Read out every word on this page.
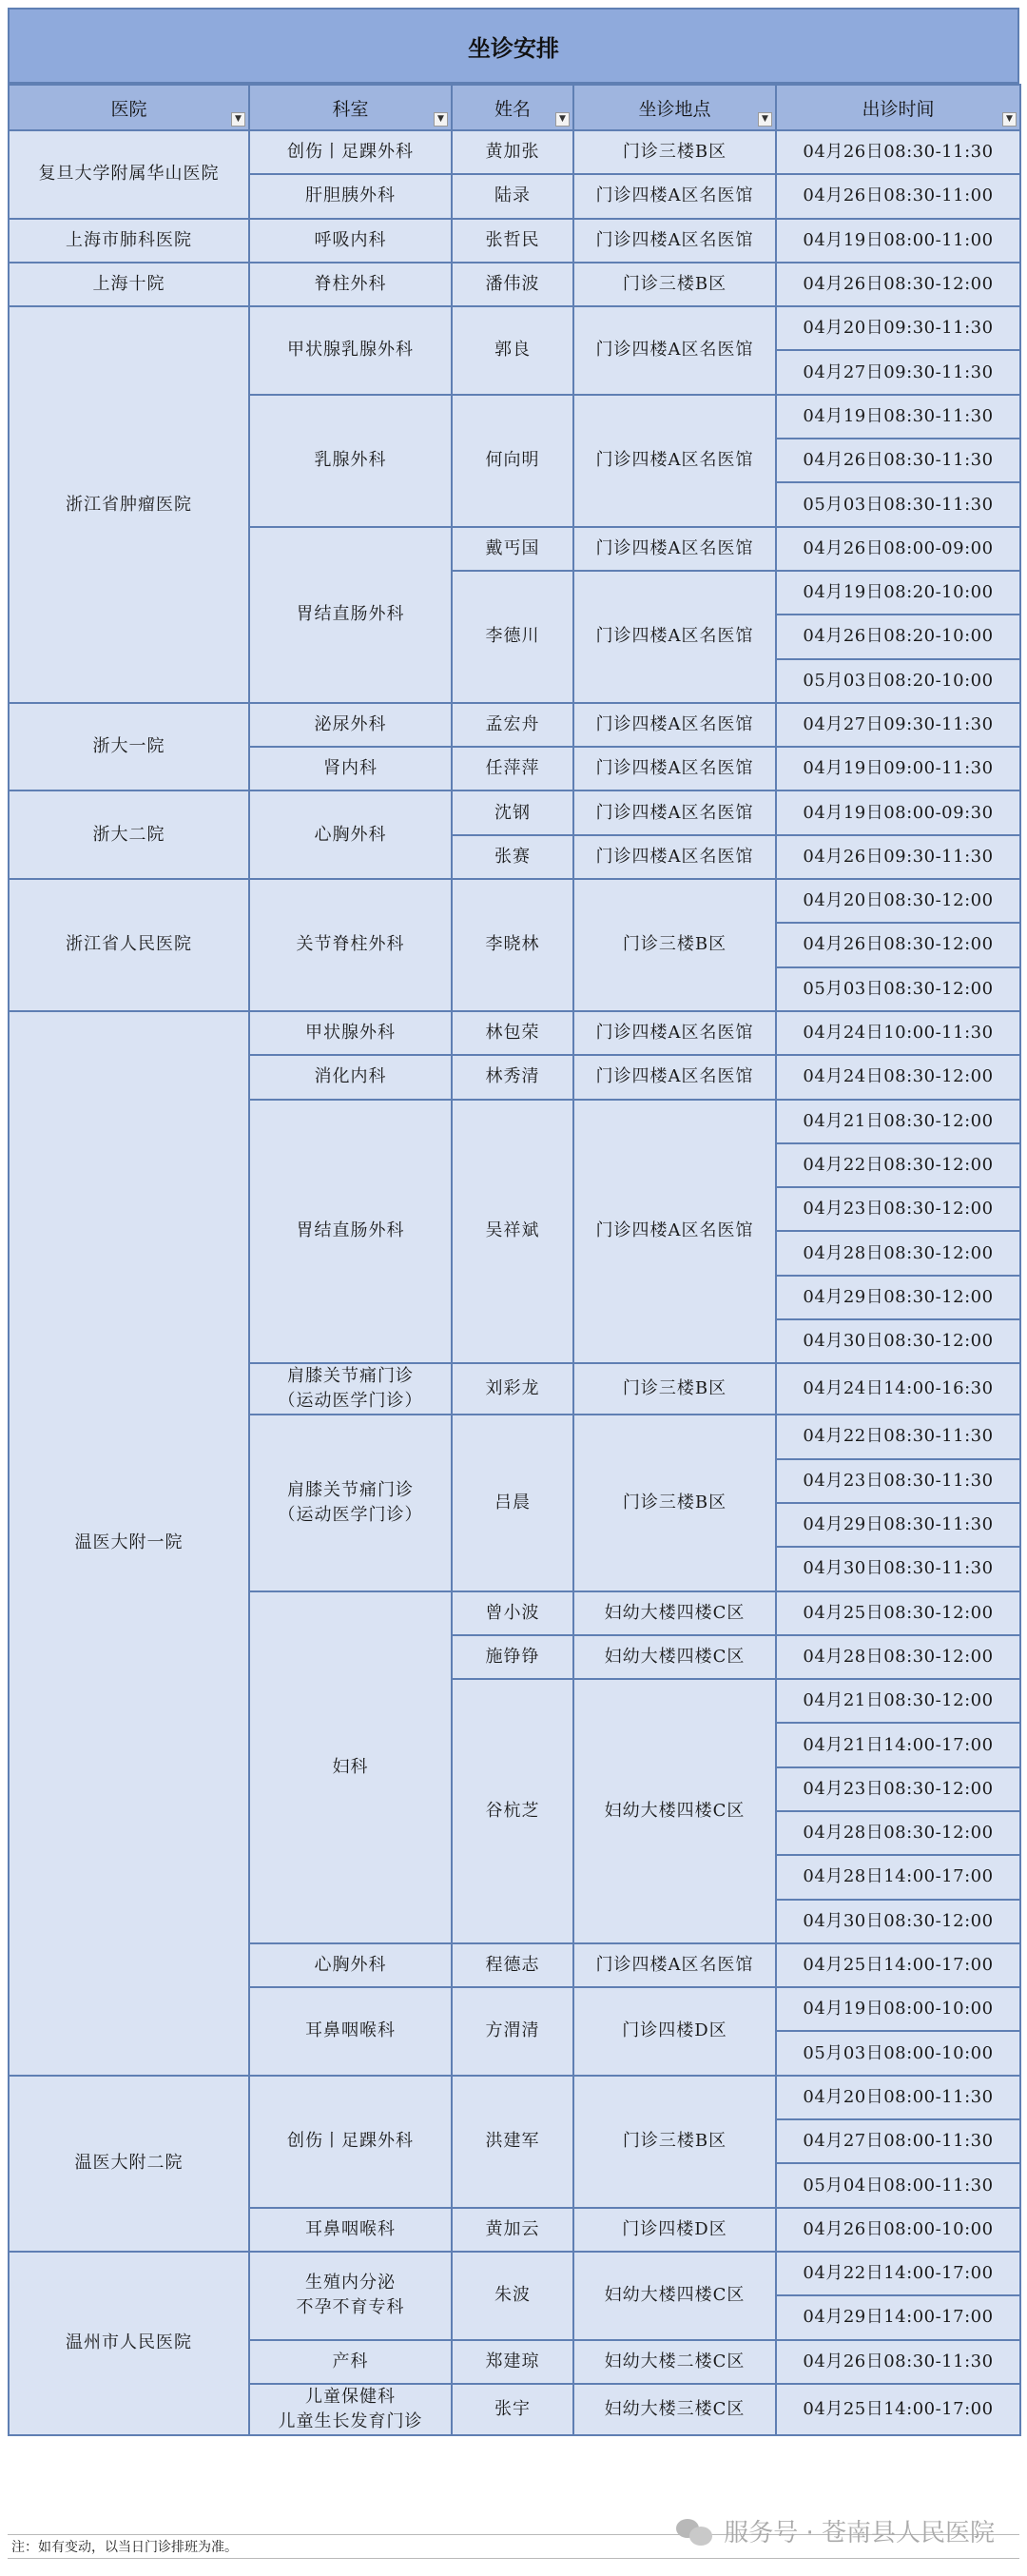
坐诊安排
医院 ▼	科室 ▼	姓名 ▼	坐诊地点 ▼	出诊时间 ▼

复旦大学附属华山医院	创伤丨足踝外科	黄加张	门诊三楼B区	04月26日08:30-11:30
	肝胆胰外科	陆录	门诊四楼A区名医馆	04月26日08:30-11:00
上海市肺科医院	呼吸内科	张哲民	门诊四楼A区名医馆	04月19日08:00-11:00
上海十院	脊柱外科	潘伟波	门诊三楼B区	04月26日08:30-12:00
浙江省肿瘤医院	甲状腺乳腺外科	郭良	门诊四楼A区名医馆	04月20日09:30-11:30
				04月27日09:30-11:30
	乳腺外科	何向明	门诊四楼A区名医馆	04月19日08:30-11:30
				04月26日08:30-11:30
				05月03日08:30-11:30
	胃结直肠外科	戴丐国	门诊四楼A区名医馆	04月26日08:00-09:00
		李德川	门诊四楼A区名医馆	04月19日08:20-10:00
				04月26日08:20-10:00
				05月03日08:20-10:00
浙大一院	泌尿外科	孟宏舟	门诊四楼A区名医馆	04月27日09:30-11:30
	肾内科	任萍萍	门诊四楼A区名医馆	04月19日09:00-11:30
浙大二院	心胸外科	沈钢	门诊四楼A区名医馆	04月19日08:00-09:30
		张赛	门诊四楼A区名医馆	04月26日09:30-11:30
浙江省人民医院	关节脊柱外科	李晓林	门诊三楼B区	04月20日08:30-12:00
				04月26日08:30-12:00
				05月03日08:30-12:00
温医大附一院	甲状腺外科	林包荣	门诊四楼A区名医馆	04月24日10:00-11:30
	消化内科	林秀清	门诊四楼A区名医馆	04月24日08:30-12:00
	胃结直肠外科	吴祥斌	门诊四楼A区名医馆	04月21日08:30-12:00
				04月22日08:30-12:00
				04月23日08:30-12:00
				04月28日08:30-12:00
				04月29日08:30-12:00
				04月30日08:30-12:00
	肩膝关节痛门诊
（运动医学门诊）	刘彩龙	门诊三楼B区	04月24日14:00-16:30
	肩膝关节痛门诊
（运动医学门诊）	吕晨	门诊三楼B区	04月22日08:30-11:30
				04月23日08:30-11:30
				04月29日08:30-11:30
				04月30日08:30-11:30
	妇科	曾小波	妇幼大楼四楼C区	04月25日08:30-12:00
		施铮铮	妇幼大楼四楼C区	04月28日08:30-12:00
		谷杭芝	妇幼大楼四楼C区	04月21日08:30-12:00
				04月21日14:00-17:00
				04月23日08:30-12:00
				04月28日08:30-12:00
				04月28日14:00-17:00
				04月30日08:30-12:00
	心胸外科	程德志	门诊四楼A区名医馆	04月25日14:00-17:00
	耳鼻咽喉科	方渭清	门诊四楼D区	04月19日08:00-10:00
				05月03日08:00-10:00
温医大附二院	创伤丨足踝外科	洪建军	门诊三楼B区	04月20日08:00-11:30
				04月27日08:00-11:30
				05月04日08:00-11:30
	耳鼻咽喉科	黄加云	门诊四楼D区	04月26日08:00-10:00
温州市人民医院	生殖内分泌
不孕不育专科	朱波	妇幼大楼四楼C区	04月22日14:00-17:00
				04月29日14:00-17:00
	产科	郑建琼	妇幼大楼二楼C区	04月26日08:30-11:30
	儿童保健科
儿童生长发育门诊	张宇	妇幼大楼三楼C区	04月25日14:00-17:00
注：如有变动，以当日门诊排班为准。	服务号 · 苍南县人民医院
